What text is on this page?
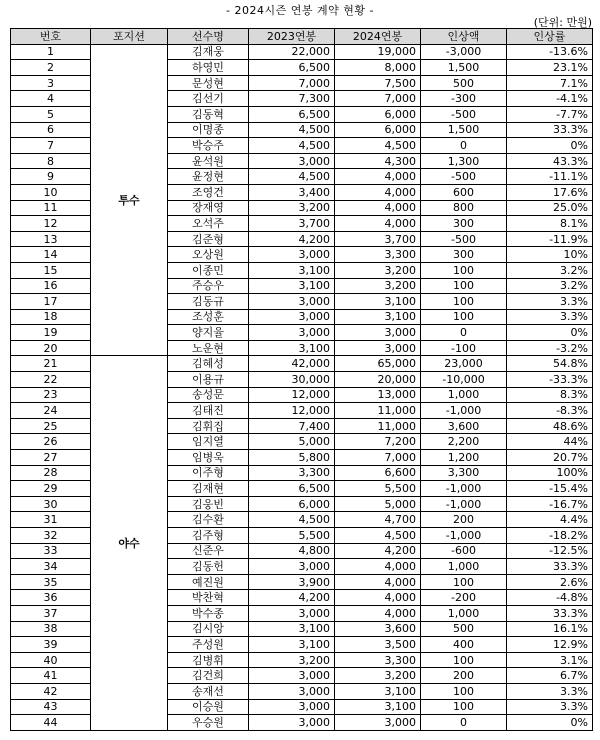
- 2024시즌 연봉 계약 현황 -
(단위: 만원)
번호	포지션	선수명	2023연봉	2024연봉	인상액	인상률
1	투수	김재웅	22,000	19,000	-3,000	-13.6%
2		하영민	6,500	8,000	1,500	23.1%
3		문성현	7,000	7,500	500	7.1%
4		김선기	7,300	7,000	-300	-4.1%
5		김동혁	6,500	6,000	-500	-7.7%
6		이명종	4,500	6,000	1,500	33.3%
7		박승주	4,500	4,500	0	0%
8		윤석원	3,000	4,300	1,300	43.3%
9		윤정현	4,500	4,000	-500	-11.1%
10		조영건	3,400	4,000	600	17.6%
11		장재영	3,200	4,000	800	25.0%
12		오석주	3,700	4,000	300	8.1%
13		김준형	4,200	3,700	-500	-11.9%
14		오상원	3,000	3,300	300	10%
15		이종민	3,100	3,200	100	3.2%
16		주승우	3,100	3,200	100	3.2%
17		김동규	3,000	3,100	100	3.3%
18		조성훈	3,000	3,100	100	3.3%
19		양지율	3,000	3,000	0	0%
20		노운현	3,100	3,000	-100	-3.2%
21	야수	김혜성	42,000	65,000	23,000	54.8%
22		이용규	30,000	20,000	-10,000	-33.3%
23		송성문	12,000	13,000	1,000	8.3%
24		김태진	12,000	11,000	-1,000	-8.3%
25		김휘집	7,400	11,000	3,600	48.6%
26		임지열	5,000	7,200	2,200	44%
27		임병욱	5,800	7,000	1,200	20.7%
28		이주형	3,300	6,600	3,300	100%
29		김재현	6,500	5,500	-1,000	-15.4%
30		김웅빈	6,000	5,000	-1,000	-16.7%
31		김수환	4,500	4,700	200	4.4%
32		김주형	5,500	4,500	-1,000	-18.2%
33		신준우	4,800	4,200	-600	-12.5%
34		김동헌	3,000	4,000	1,000	33.3%
35		예진원	3,900	4,000	100	2.6%
36		박찬혁	4,200	4,000	-200	-4.8%
37		박수종	3,000	4,000	1,000	33.3%
38		김시앙	3,100	3,600	500	16.1%
39		주성원	3,100	3,500	400	12.9%
40		김병휘	3,200	3,300	100	3.1%
41		김건희	3,000	3,200	200	6.7%
42		송재선	3,000	3,100	100	3.3%
43		이승원	3,000	3,100	100	3.3%
44		우승원	3,000	3,000	0	0%
